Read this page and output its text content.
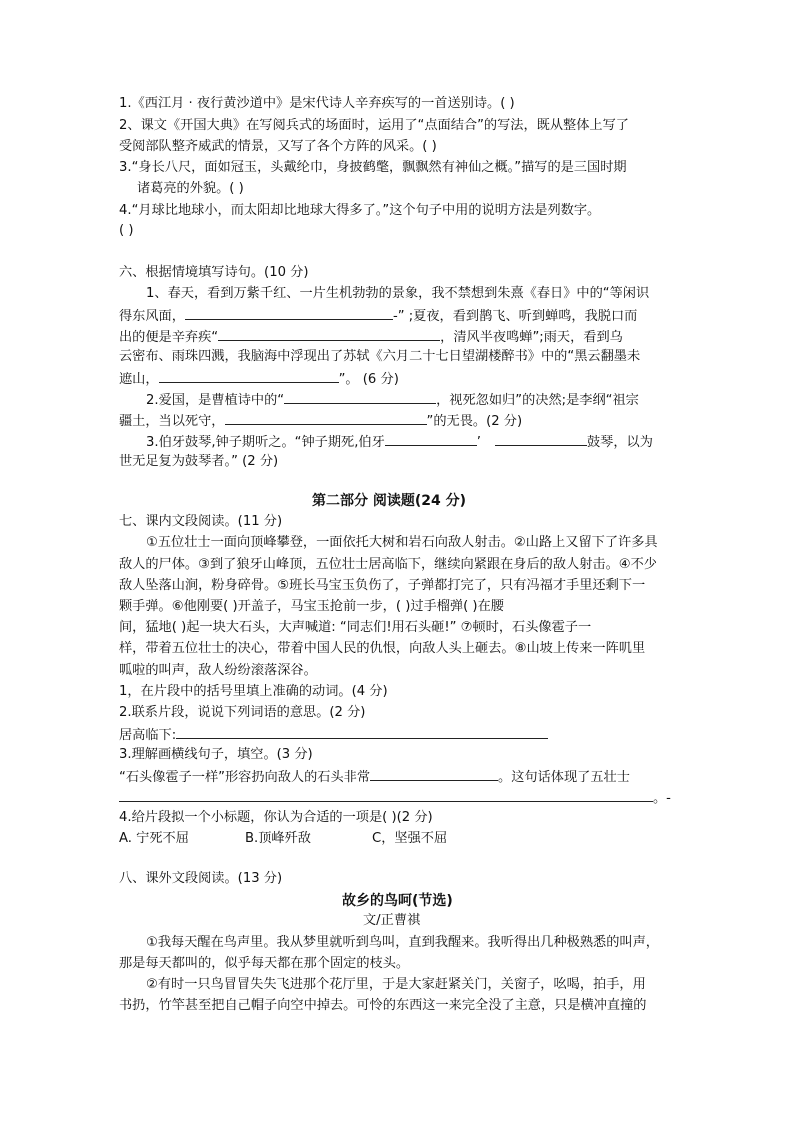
1.《西江月 · 夜行黄沙道中》是宋代诗人辛弃疾写的一首送别诗。( )
2、课文《开国大典》在写阅兵式的场面时，运用了“点面结合”的写法，既从整体上写了
受阅部队整齐威武的情景，又写了各个方阵的风采。( )
3.“身长八尺，面如冠玉，头戴纶巾，身披鹤氅，飘飘然有神仙之概。”描写的是三国时期
诸葛亮的外貌。( )
4.“月球比地球小，而太阳却比地球大得多了。”这个句子中用的说明方法是列数字。
( )
六、根据情境填写诗句。(10 分)
1、春天，看到万紫千红、一片生机勃勃的景象，我不禁想到朱熹《春日》中的“等闲识
得东风面，	-” ;夏夜，看到鹊飞、听到蝉鸣，我脱口而
出的便是辛弃疾“	，清风半夜鸣蝉”;雨天，看到乌
云密布、雨珠四溅，我脑海中浮现出了苏轼《六月二十七日望湖楼醉书》中的“黑云翻墨未
遮山，	”。 (6 分)
2.爱国，是曹植诗中的“	，视死忽如归”的决然;是李纲“祖宗
疆土，当以死守，	”的无畏。(2 分)
3.伯牙鼓琴,钟子期听之。“钟子期死,伯牙	’	鼓琴，以为
世无足复为鼓琴者。” (2 分)
第二部分 阅读题(24 分)
七、课内文段阅读。(11 分)
①五位壮士一面向顶峰攀登，一面依托大树和岩石向敌人射击。②山路上又留下了许多具
敌人的尸体。③到了狼牙山峰顶，五位壮士居高临下，继续向紧跟在身后的敌人射击。④不少
敌人坠落山涧，粉身碎骨。⑤班长马宝玉负伤了，子弹都打完了，只有冯福才手里还剩下一
颗手弹。⑥他刚要( )开盖子，马宝玉抢前一步，( )过手榴弹( )在腰
间，猛地( )起一块大石头，大声喊道: “同志们!用石头砸!” ⑦顿时，石头像雹子一
样，带着五位壮士的决心，带着中国人民的仇恨，向敌人头上砸去。⑧山坡上传来一阵叽里
呱啦的叫声，敌人纷纷滚落深谷。
1，在片段中的括号里填上准确的动词。(4 分)
2.联系片段，说说下列词语的意思。(2 分)
居高临下:
3.理解画横线句子，填空。(3 分)
“石头像雹子一样”形容扔向敌人的石头非常	。这句话体现了五壮士
。-
4.给片段拟一个小标题，你认为合适的一项是( )(2 分)
A. 宁死不屈	B.顶峰歼敌	C，坚强不屈
八、课外文段阅读。(13 分)
故乡的鸟呵(节选)
文/正曹祺
①我每天醒在鸟声里。我从梦里就听到鸟叫，直到我醒来。我听得出几种极熟悉的叫声，
那是每天都叫的，似乎每天都在那个固定的枝头。
②有时一只鸟冒冒失失飞进那个花厅里，于是大家赶紧关门，关窗子，吆喝，拍手，用
书扔，竹竿甚至把自己帽子向空中掉去。可怜的东西这一来完全没了主意，只是横冲直撞的
